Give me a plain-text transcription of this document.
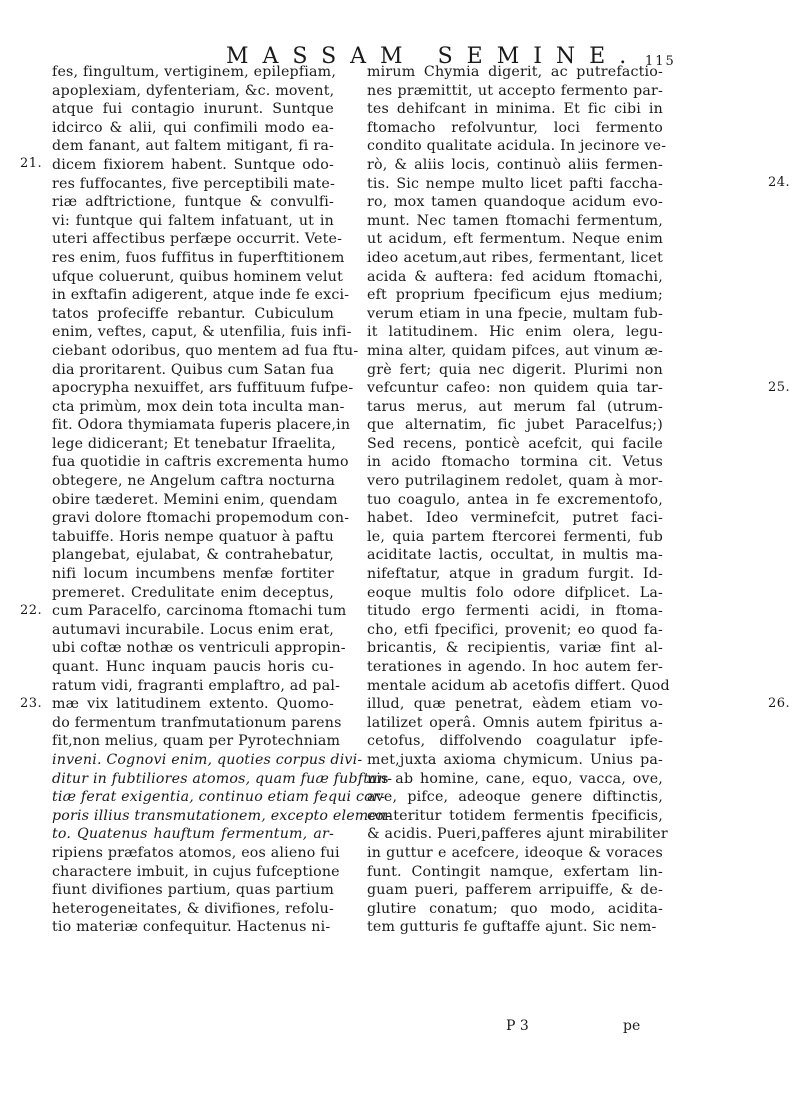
MASSAM SEMINE. 115
fes, fingultum, vertiginem, epilepfiam,
apoplexiam, dyfenteriam, &c. movent,
atque fui contagio inurunt. Suntque
idcirco & alii, qui confimili modo ea-
dem fanant, aut faltem mitigant, fi ra-
dicem fixiorem habent. Suntque odo-
res fuffocantes, five perceptibili mate-
riæ adftrictione, funtque & convulfi-
vi: funtque qui faltem infatuant, ut in
uteri affectibus perfæpe occurrit. Vete-
res enim, fuos fuffitus in fuperftitionem
ufque coluerunt, quibus hominem velut
in exftafin adigerent, atque inde fe exci-
tatos profeciffe rebantur. Cubiculum
enim, veftes, caput, & utenfilia, fuis infi-
ciebant odoribus, quo mentem ad fua ftu-
dia proritarent. Quibus cum Satan fua
apocrypha nexuiffet, ars fuffituum fufpe-
cta primùm, mox dein tota inculta man-
fit. Odora thymiamata fuperis placere,in
lege didicerant; Et tenebatur Ifraelita,
fua quotidie in caftris excrementa humo
obtegere, ne Angelum caftra nocturna
obire tæderet. Memini enim, quendam
gravi dolore ftomachi propemodum con-
tabuiffe. Horis nempe quatuor à paftu
plangebat, ejulabat, & contrahebatur,
nifi locum incumbens menfæ fortiter
premeret. Credulitate enim deceptus,
cum Paracelfo, carcinoma ftomachi tum
autumavi incurabile. Locus enim erat,
ubi coftæ nothæ os ventriculi appropin-
quant. Hunc inquam paucis horis cu-
ratum vidi, fragranti emplaftro, ad pal-
mæ vix latitudinem extento. Quomo-
do fermentum tranfmutationum parens
fit,non melius, quam per Pyrotechniam
inveni. Cognovi enim, quoties corpus divi-
ditur in fubtiliores atomos, quam fuæ fubftan-
tiæ ferat exigentia, continuo etiam fequi cor-
poris illius transmutationem, excepto elemen-
to. Quatenus hauftum fermentum, ar-
ripiens præfatos atomos, eos alieno fui
charactere imbuit, in cujus fufceptione
fiunt divifiones partium, quas partium
heterogeneitates, & divifiones, refolu-
tio materiæ confequitur. Hactenus ni-
mirum Chymia digerit, ac putrefactio-
nes præmittit, ut accepto fermento par-
tes dehifcant in minima. Et fic cibi in
ftomacho refolvuntur, loci fermento
condito qualitate acidula. In jecinore ve-
rò, & aliis locis, continuò aliis fermen-
tis. Sic nempe multo licet pafti faccha-
ro, mox tamen quandoque acidum evo-
munt. Nec tamen ftomachi fermentum,
ut acidum, eft fermentum. Neque enim
ideo acetum,aut ribes, fermentant, licet
acida & auftera: fed acidum ftomachi,
eft proprium fpecificum ejus medium;
verum etiam in una fpecie, multam fub-
it latitudinem. Hic enim olera, legu-
mina alter, quidam pifces, aut vinum æ-
grè fert; quia nec digerit. Plurimi non
vefcuntur cafeo: non quidem quia tar-
tarus merus, aut merum fal (utrum-
que alternatim, fic jubet Paracelfus;)
Sed recens, ponticè acefcit, qui facile
in acido ftomacho tormina cit. Vetus
vero putrilaginem redolet, quam à mor-
tuo coagulo, antea in fe excrementofo,
habet. Ideo verminefcit, putret faci-
le, quia partem ftercorei fermenti, fub
aciditate lactis, occultat, in multis ma-
nifeftatur, atque in gradum furgit. Id-
eoque multis folo odore difplicet. La-
titudo ergo fermenti acidi, in ftoma-
cho, etfi fpecifici, provenit; eo quod fa-
bricantis, & recipientis, variæ fint al-
terationes in agendo. In hoc autem fer-
mentale acidum ab acetofis differt. Quod
illud, quæ penetrat, eàdem etiam vo-
latilizet operâ. Omnis autem fpiritus a-
cetofus, diffolvendo coagulatur ipfe-
met,juxta axioma chymicum. Unius pa-
nis ab homine, cane, equo, vacca, ove,
ave, pifce, adeoque genere diftinctis,
conteritur totidem fermentis fpecificis,
& acidis. Pueri,pafferes ajunt mirabiliter
in guttur e acefcere, ideoque & voraces
funt. Contingit namque, exfertam lin-
guam pueri, pafferem arripuiffe, & de-
glutire conatum; quo modo, acidita-
tem gutturis fe guftaffe ajunt. Sic nem-
21.
22.
23.
24.
25.
26.
P 3	pe
